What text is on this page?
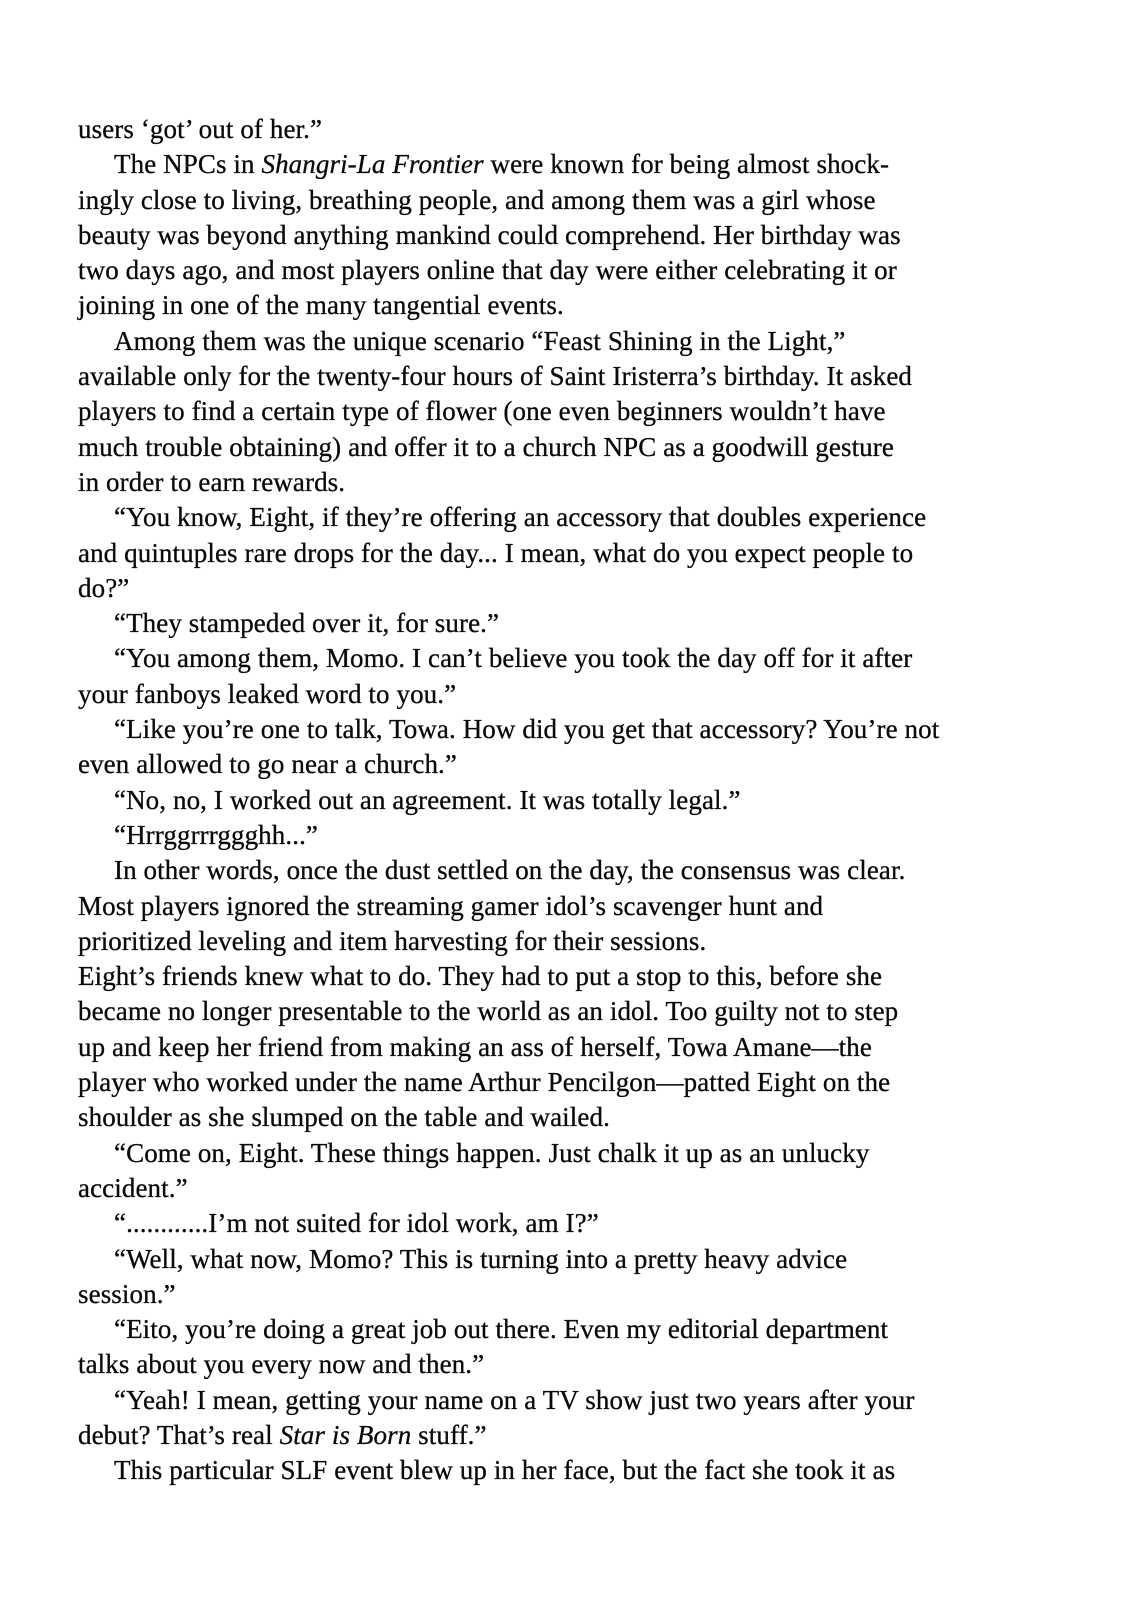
users ‘got’ out of her.”
The NPCs in Shangri-La Frontier were known for being almost shock-
ingly close to living, breathing people, and among them was a girl whose
beauty was beyond anything mankind could comprehend. Her birthday was
two days ago, and most players online that day were either celebrating it or
joining in one of the many tangential events.
Among them was the unique scenario “Feast Shining in the Light,”
available only for the twenty-four hours of Saint Iristerra’s birthday. It asked
players to find a certain type of flower (one even beginners wouldn’t have
much trouble obtaining) and offer it to a church NPC as a goodwill gesture
in order to earn rewards.
“You know, Eight, if they’re offering an accessory that doubles experience
and quintuples rare drops for the day... I mean, what do you expect people to
do?”
“They stampeded over it, for sure.”
“You among them, Momo. I can’t believe you took the day off for it after
your fanboys leaked word to you.”
“Like you’re one to talk, Towa. How did you get that accessory? You’re not
even allowed to go near a church.”
“No, no, I worked out an agreement. It was totally legal.”
“Hrrggrrrggghh...”
In other words, once the dust settled on the day, the consensus was clear.
Most players ignored the streaming gamer idol’s scavenger hunt and
prioritized leveling and item harvesting for their sessions.
Eight’s friends knew what to do. They had to put a stop to this, before she
became no longer presentable to the world as an idol. Too guilty not to step
up and keep her friend from making an ass of herself, Towa Amane—the
player who worked under the name Arthur Pencilgon—patted Eight on the
shoulder as she slumped on the table and wailed.
“Come on, Eight. These things happen. Just chalk it up as an unlucky
accident.”
“............I’m not suited for idol work, am I?”
“Well, what now, Momo? This is turning into a pretty heavy advice
session.”
“Eito, you’re doing a great job out there. Even my editorial department
talks about you every now and then.”
“Yeah! I mean, getting your name on a TV show just two years after your
debut? That’s real Star is Born stuff.”
This particular SLF event blew up in her face, but the fact she took it as
